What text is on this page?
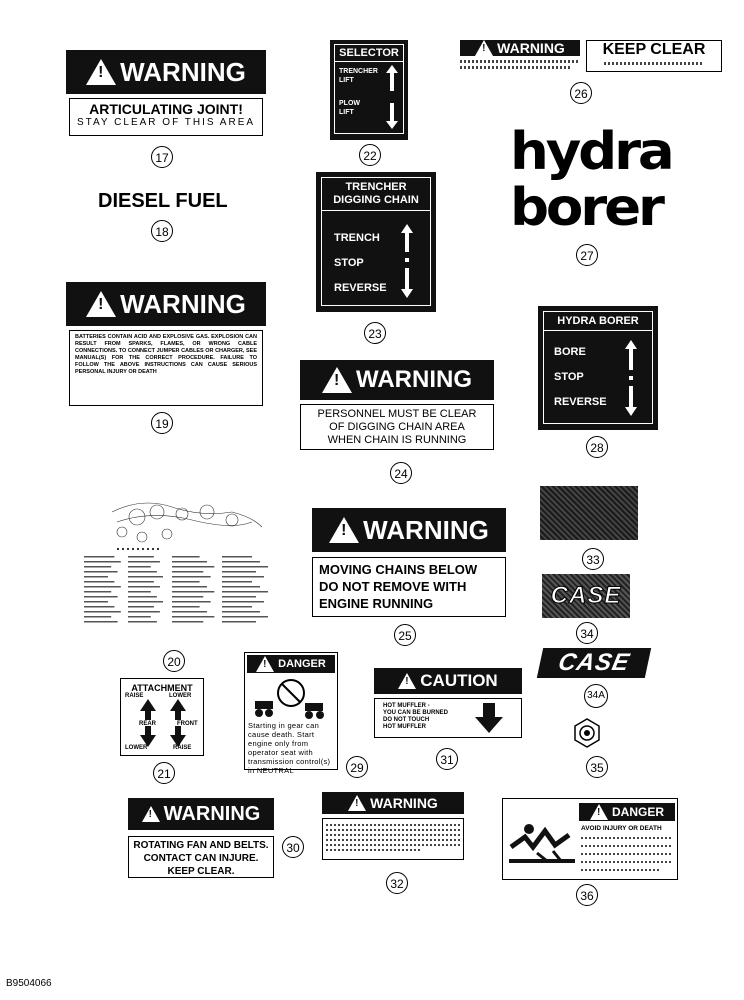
!
WARNING
ARTICULATING JOINT!
STAY CLEAR OF THIS AREA
17
DIESEL FUEL
18
!
WARNING
BATTERIES CONTAIN ACID AND EXPLOSIVE GAS. EXPLOSION CAN RESULT FROM SPARKS, FLAMES, OR WRONG CABLE CONNECTIONS. TO CONNECT JUMPER CABLES OR CHARGER, SEE MANUAL(S) FOR THE CORRECT PROCEDURE. FAILURE TO FOLLOW THE ABOVE INSTRUCTIONS CAN CAUSE SERIOUS PERSONAL INJURY OR DEATH
19
20
ATTACHMENT
RAISE	LOWER
REAR	FRONT
LOWER	RAISE
21
SELECTOR
TRENCHER
LIFT
PLOW
LIFT
22
TRENCHER
DIGGING CHAIN
TRENCH
STOP
REVERSE
23
!
WARNING
PERSONNEL MUST BE CLEAR
OF DIGGING CHAIN AREA
WHEN CHAIN IS RUNNING
24
!
WARNING
MOVING CHAINS BELOW
DO NOT REMOVE WITH
ENGINE RUNNING
25
!
WARNING	KEEP CLEAR
26
hydra
borer
27
HYDRA BORER
BORE
STOP
REVERSE
28
!
DANGER
Starting in gear can cause death. Start engine only from operator seat with transmission control(s) in NEUTRAL	29
!
WARNING
ROTATING FAN AND BELTS.
CONTACT CAN INJURE.
KEEP CLEAR.
30
!
CAUTION
HOT MUFFLER -
YOU CAN BE BURNED
DO NOT TOUCH
HOT MUFFLER
31
!
WARNING
32
33
CASE
34
CASE
34A
35
!
DANGER
AVOID INJURY OR DEATH
36
B9504066
